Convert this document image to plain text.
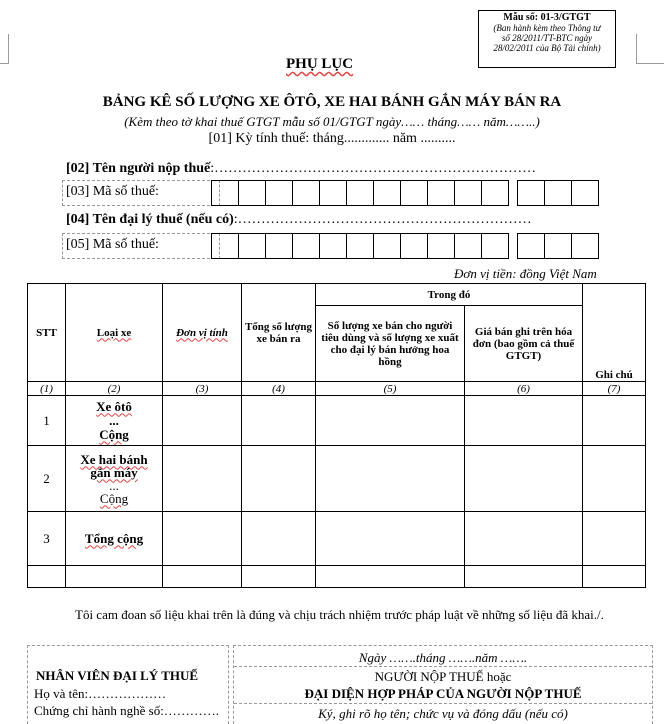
Mẫu số: 01-3/GTGT
(Ban hành kèm theo Thông tư
số 28/2011/TT-BTC ngày
28/02/2011 của Bộ Tài chính)
PHỤ LỤC
BẢNG KÊ SỐ LƯỢNG XE ÔTÔ, XE HAI BÁNH GẮN MÁY BÁN RA
(Kèm theo tờ khai thuế GTGT mẫu số 01/GTGT ngày…… tháng…… năm……..)
[01] Kỳ tính thuế: tháng............. năm ..........
[02] Tên người nộp thuế:……………………………………………………………
[03] Mã số thuế:
[04] Tên đại lý thuế (nếu có):………………………………………………………
[05] Mã số thuế:
Đơn vị tiền: đồng Việt Nam
STT	Loại xe	Đơn vị tính	Tổng số lượng xe bán ra	Trong đó		Ghi chú
				Số lượng xe bán cho người tiêu dùng và số lượng xe xuất cho đại lý bán hưởng hoa hồng	Giá bán ghi trên hóa đơn (bao gồm cả thuế GTGT)	
(1)	(2)	(3)	(4)	(5)	(6)	(7)
1	Xe ôtô
...
Cộng					

2	Xe hai bánh
gắn máy
...
Cộng					

3	Tổng cộng					

Tôi cam đoan số liệu khai trên là đúng và chịu trách nhiệm trước pháp luật về những số liệu đã khai./.
NHÂN VIÊN ĐẠI LÝ THUẾ
Họ và tên:………………
Chứng chỉ hành nghề số:………….
Ngày …….tháng …….năm …….
NGƯỜI NỘP THUẾ hoặc
ĐẠI DIỆN HỢP PHÁP CỦA NGƯỜI NỘP THUẾ
Ký, ghi rõ họ tên; chức vụ và đóng dấu (nếu có)
